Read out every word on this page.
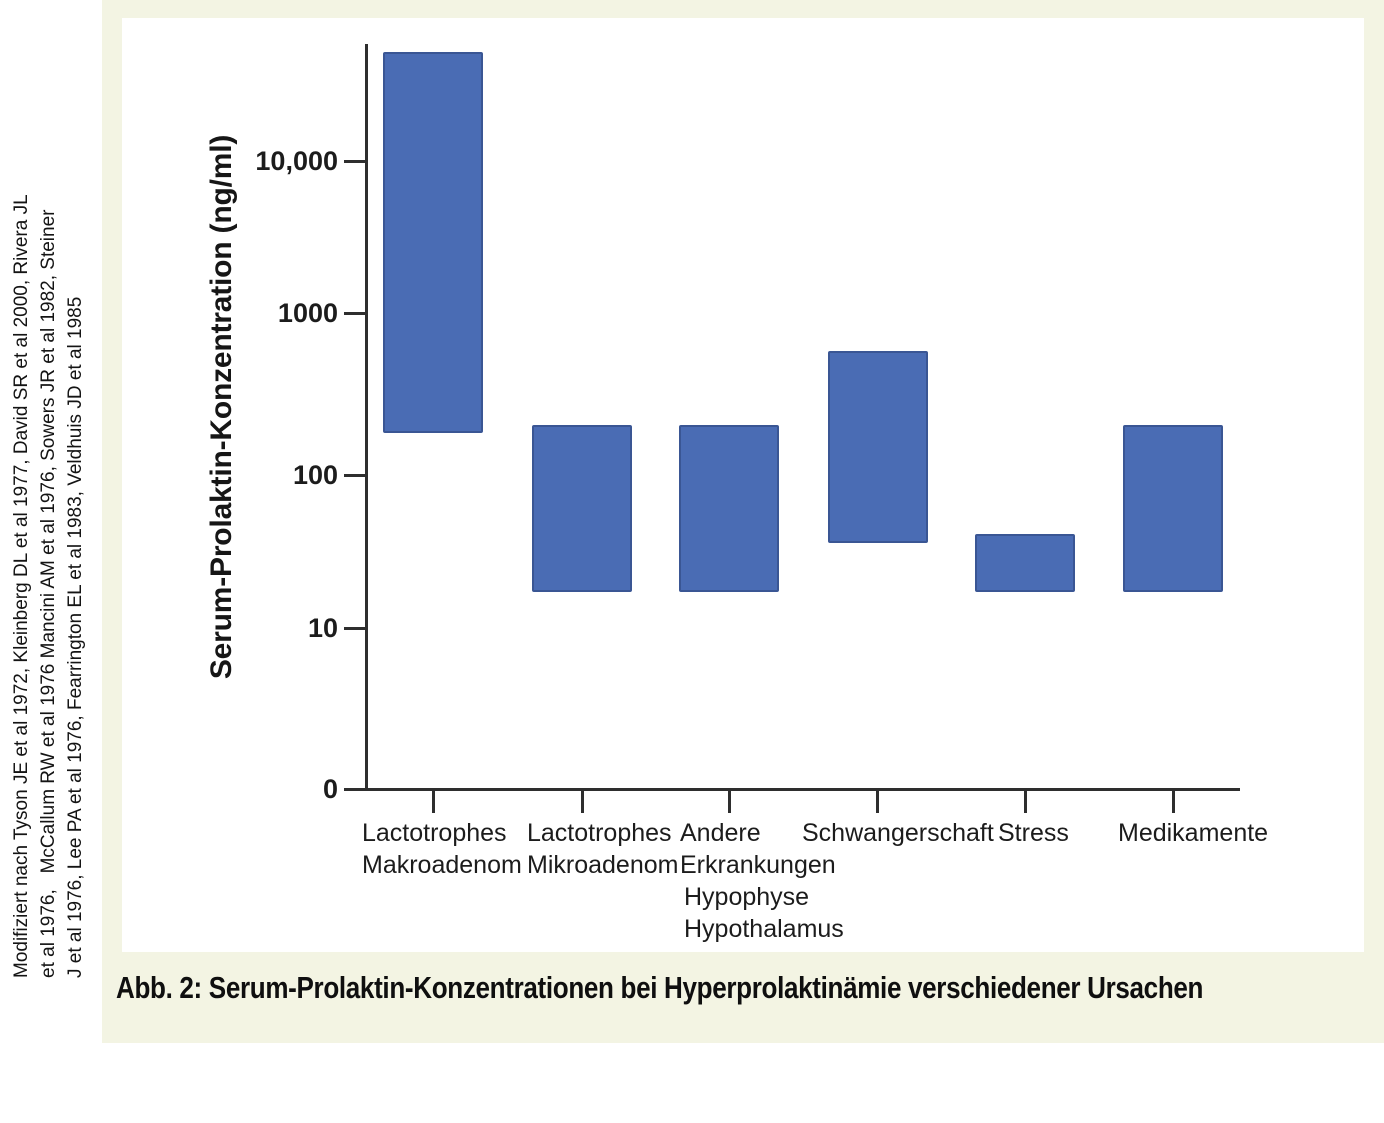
Modifiziert nach Tyson JE et al 1972, Kleinberg DL et al 1977, David SR et al 2000, Rivera JL et al 1976,   McCallum RW et al 1976 Mancini AM et al 1976, Sowers JR et al 1982, Steiner J et al 1976, Lee PA et al 1976, Fearrington EL et al 1983, Veldhuis JD et al 1985
10,000
1000
100
10
0
Lactotrophes
Makroadenom
Lactotrophes
Mikroadenom
Andere
Erkrankungen
Hypophyse
Hypothalamus
Schwangerschaft Stress Medikamente
Serum-Prolaktin-Konzentration (ng/ml)
Abb. 2: Serum-Prolaktin-Konzentrationen bei Hyperprolaktinämie verschiedener Ursachen
